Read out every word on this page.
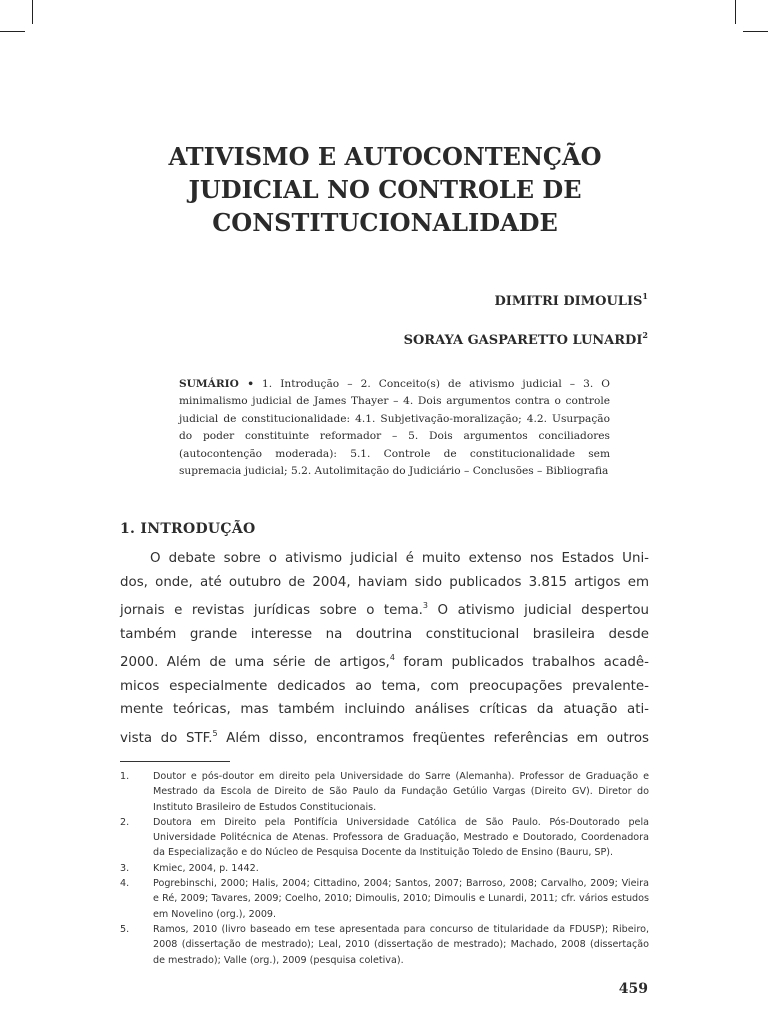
ATIVISMO E AUTOCONTENÇÃO
JUDICIAL NO CONTROLE DE
CONSTITUCIONALIDADE
DIMITRI DIMOULIS$^1$
SORAYA GASPARETTO LUNARDI$^2$

SUMÁRIO • 1. Introdução – 2. Conceito(s) de ativismo judicial – 3. O minimalismo judicial de James Thayer – 4. Dois argumentos contra o controle judicial de constitucionalidade: 4.1. Subjetivação-moralização; 4.2. Usurpação do poder constituinte reformador – 5. Dois argumentos conciliadores (autocontenção moderada): 5.1. Controle de constitucionalidade sem supremacia judicial; 5.2. Autolimitação do Judiciário – Conclusões – Bibliografia

1. INTRODUÇÃO
O debate sobre o ativismo judicial é muito extenso nos Estados Uni-
dos, onde, até outubro de 2004, haviam sido publicados 3.815 artigos em
jornais e revistas jurídicas sobre o tema.$^3$ O ativismo judicial despertou
também grande interesse na doutrina constitucional brasileira desde
2000. Além de uma série de artigos,$^4$ foram publicados trabalhos acadê-
micos especialmente dedicados ao tema, com preocupações prevalente-
mente teóricas, mas também incluindo análises críticas da atuação ati-
vista do STF.$^5$ Além disso, encontramos freqüentes referências em outros

1.	Doutor e pós-doutor em direito pela Universidade do Sarre (Alemanha). Professor de Graduação e Mestrado da Escola de Direito de São Paulo da Fundação Getúlio Vargas (Direito GV). Diretor do Instituto Brasileiro de Estudos Constitucionais.

2.	Doutora em Direito pela Pontifícia Universidade Católica de São Paulo. Pós-Doutorado pela Universidade Politécnica de Atenas. Professora de Graduação, Mestrado e Doutorado, Coordenadora da Especialização e do Núcleo de Pesquisa Docente da Instituição Toledo de Ensino (Bauru, SP).

3.	Kmiec, 2004, p. 1442.

4.	Pogrebinschi, 2000; Halis, 2004; Cittadino, 2004; Santos, 2007; Barroso, 2008; Carvalho, 2009; Vieira e Ré, 2009; Tavares, 2009; Coelho, 2010; Dimoulis, 2010; Dimoulis e Lunardi, 2011; cfr. vários estudos em Novelino (org.), 2009.

5.	Ramos, 2010 (livro baseado em tese apresentada para concurso de titularidade da FDUSP); Ribeiro, 2008 (dissertação de mestrado); Leal, 2010 (dissertação de mestrado); Machado, 2008 (dissertação de mestrado); Valle (org.), 2009 (pesquisa coletiva).

459
